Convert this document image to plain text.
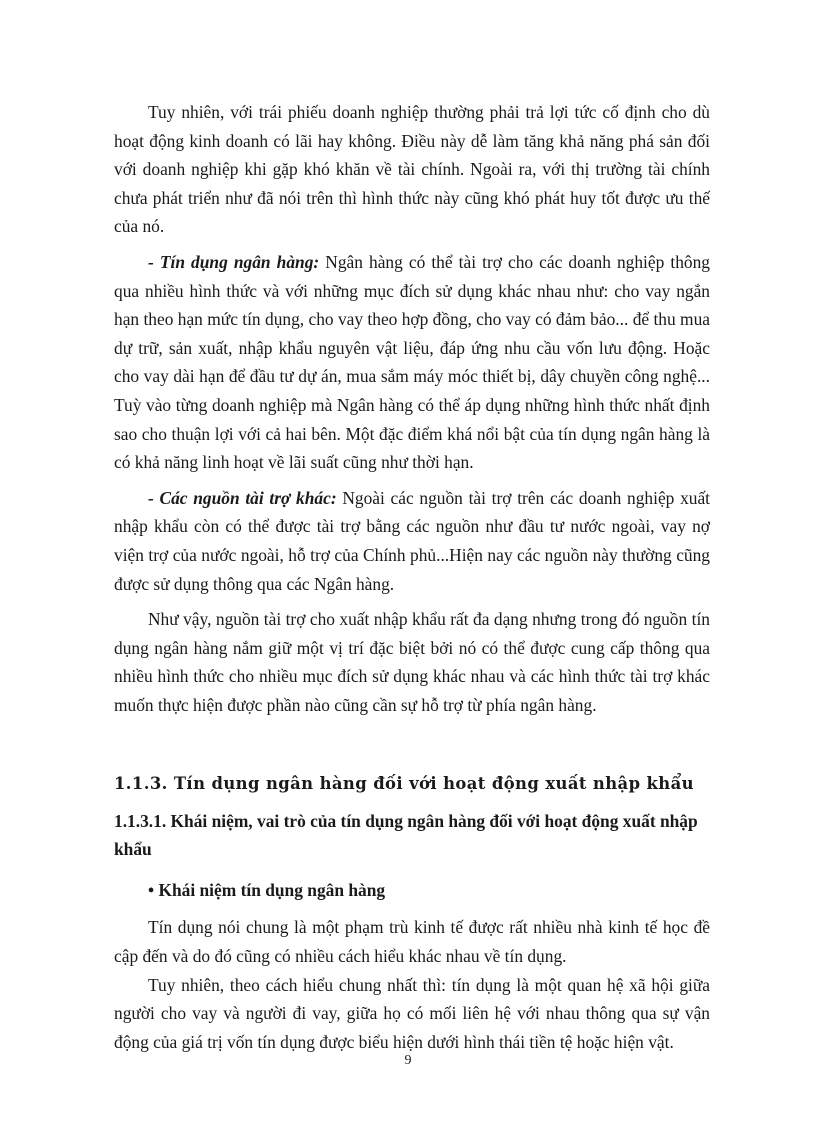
Tuy nhiên, với trái phiếu doanh nghiệp thường phải trả lợi tức cố định cho dù hoạt động kinh doanh có lãi hay không. Điều này dễ làm tăng khả năng phá sản đối với doanh nghiệp khi gặp khó khăn về tài chính. Ngoài ra, với thị trường tài chính chưa phát triển như đã nói trên thì hình thức này cũng khó phát huy tốt được ưu thế của nó.

- Tín dụng ngân hàng: Ngân hàng có thể tài trợ cho các doanh nghiệp thông qua nhiều hình thức và với những mục đích sử dụng khác nhau như: cho vay ngắn hạn theo hạn mức tín dụng, cho vay theo hợp đồng, cho vay có đảm bảo... để thu mua dự trữ, sản xuất, nhập khẩu nguyên vật liệu, đáp ứng nhu cầu vốn lưu động. Hoặc cho vay dài hạn để đầu tư dự án, mua sắm máy móc thiết bị, dây chuyền công nghệ... Tuỳ vào từng doanh nghiệp mà Ngân hàng có thể áp dụng những hình thức nhất định sao cho thuận lợi với cả hai bên. Một đặc điểm khá nổi bật của tín dụng ngân hàng là có khả năng linh hoạt về lãi suất cũng như thời hạn.

- Các nguồn tài trợ khác: Ngoài các nguồn tài trợ trên các doanh nghiệp xuất nhập khẩu còn có thể được tài trợ bằng các nguồn như đầu tư nước ngoài, vay nợ viện trợ của nước ngoài, hỗ trợ của Chính phủ...Hiện nay các nguồn này thường cũng được sử dụng thông qua các Ngân hàng.

Như vậy, nguồn tài trợ cho xuất nhập khẩu rất đa dạng nhưng trong đó nguồn tín dụng ngân hàng nắm giữ một vị trí đặc biệt bởi nó có thể được cung cấp thông qua nhiều hình thức cho nhiều mục đích sử dụng khác nhau và các hình thức tài trợ khác muốn thực hiện được phần nào cũng cần sự hỗ trợ từ phía ngân hàng.

1.1.3. Tín dụng ngân hàng đối với hoạt động xuất nhập khẩu
1.1.3.1. Khái niệm, vai trò của tín dụng ngân hàng đối với hoạt động xuất nhập khẩu
• Khái niệm tín dụng ngân hàng

Tín dụng nói chung là một phạm trù kinh tế được rất nhiều nhà kinh tế học đề cập đến và do đó cũng có nhiều cách hiểu khác nhau về tín dụng.

Tuy nhiên, theo cách hiểu chung nhất thì: tín dụng là một quan hệ xã hội giữa người cho vay và người đi vay, giữa họ có mối liên hệ với nhau thông qua sự vận động của giá trị vốn tín dụng được biểu hiện dưới hình thái tiền tệ hoặc hiện vật.

9
